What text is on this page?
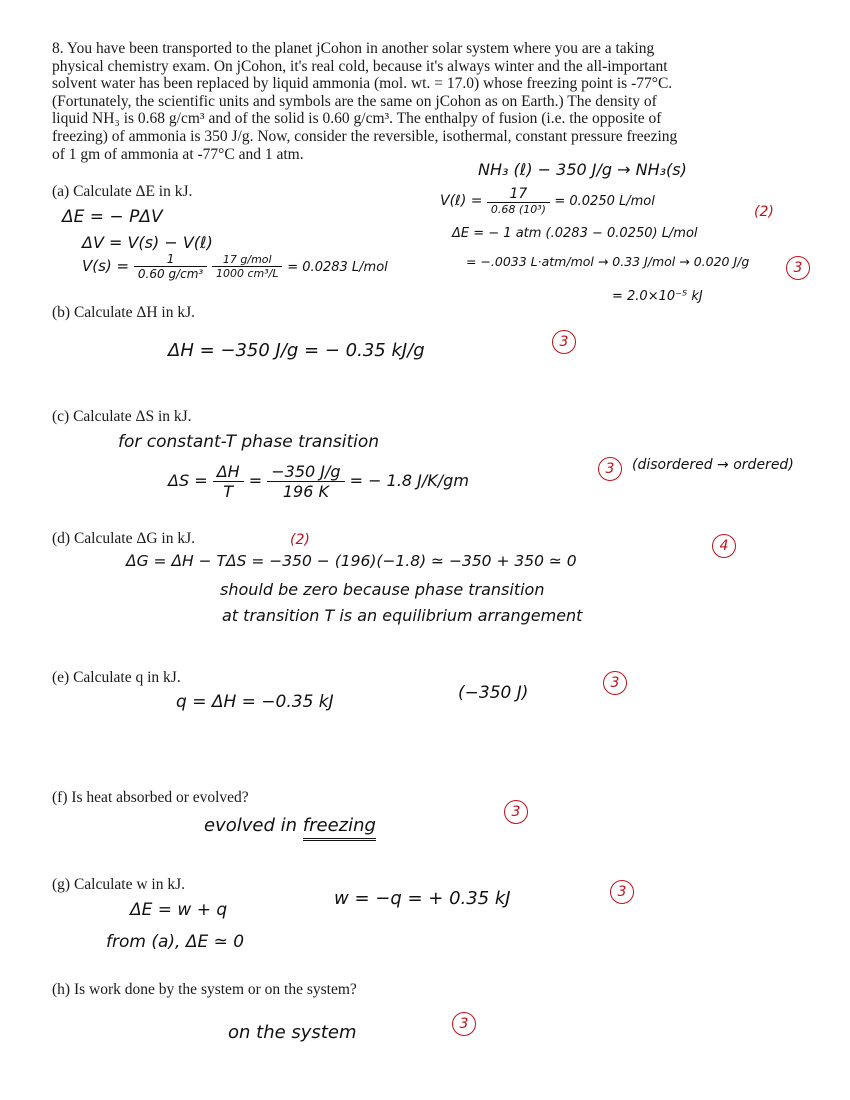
8. You have been transported to the planet jCohon in another solar system where you are a taking

physical chemistry exam. On jCohon, it's real cold, because it's always winter and the all-important

solvent water has been replaced by liquid ammonia (mol. wt. = 17.0) whose freezing point is -77°C.

(Fortunately, the scientific units and symbols are the same on jCohon as on Earth.) The density of

liquid NH₃ is 0.68 g/cm³ and of the solid is 0.60 g/cm³. The enthalpy of fusion (i.e. the opposite of

freezing) of ammonia is 350 J/g. Now, consider the reversible, isothermal, constant pressure freezing

of 1 gm of ammonia at -77°C and 1 atm.

(a) Calculate ΔE in kJ.
(b) Calculate ΔH in kJ.
(c) Calculate ΔS in kJ.
(d) Calculate ΔG in kJ.
(e) Calculate q in kJ.
(f) Is heat absorbed or evolved?
(g) Calculate w in kJ.
(h) Is work done by the system or on the system?
NH₃ (ℓ) − 350 J/g → NH₃(s)
V(ℓ) = $\frac{17}{\text{0.68 (10³)}} = 0.0250$ L/mol
ΔE = − 1 atm (.0283 − 0.0250) L/mol
(2)
= −.0033 L·atm/mol → 0.33 J/mol → 0.020 J/g
= 2.0×10⁻⁵ kJ
3
ΔE = − PΔV
ΔV = V(s) − V(ℓ)
$V(s) = \frac{1}{\text{0.60 g/cm³}}$
$\frac{\text{17 g/mol}}{\text{1000 cm³/L}} = 0.0283$ L/mol
ΔH = −350 J/g = − 0.35 kJ/g	3
for constant-T phase transition
$\Delta S = \frac{\Delta H}{T} = \frac{-350 J/g}{196 K}$ = − 1.8 J/K/gm
3	(disordered → ordered)
ΔG = ΔH − TΔS = −350 − (196)(−1.8) ≃ −350 + 350 ≃ 0
(2)	4
should be zero because phase transition
at transition T is an equilibrium arrangement
q = ΔH = −0.35 kJ	(−350 J)	3
evolved in freezing
3
ΔE = w + q
from (a), ΔE ≃ 0
w = −q = + 0.35 kJ	3
on the system	3
